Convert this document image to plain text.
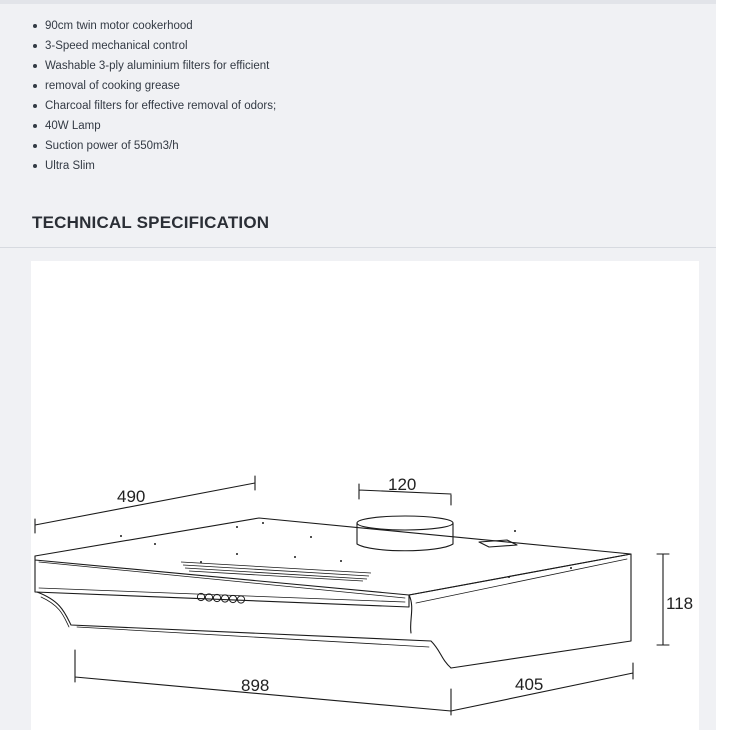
90cm twin motor cookerhood
3-Speed mechanical control
Washable 3-ply aluminium filters for efficient
removal of cooking grease
Charcoal filters for effective removal of odors;
40W Lamp
Suction power of 550m3/h
Ultra Slim
TECHNICAL SPECIFICATION
490
120
118
898	405
